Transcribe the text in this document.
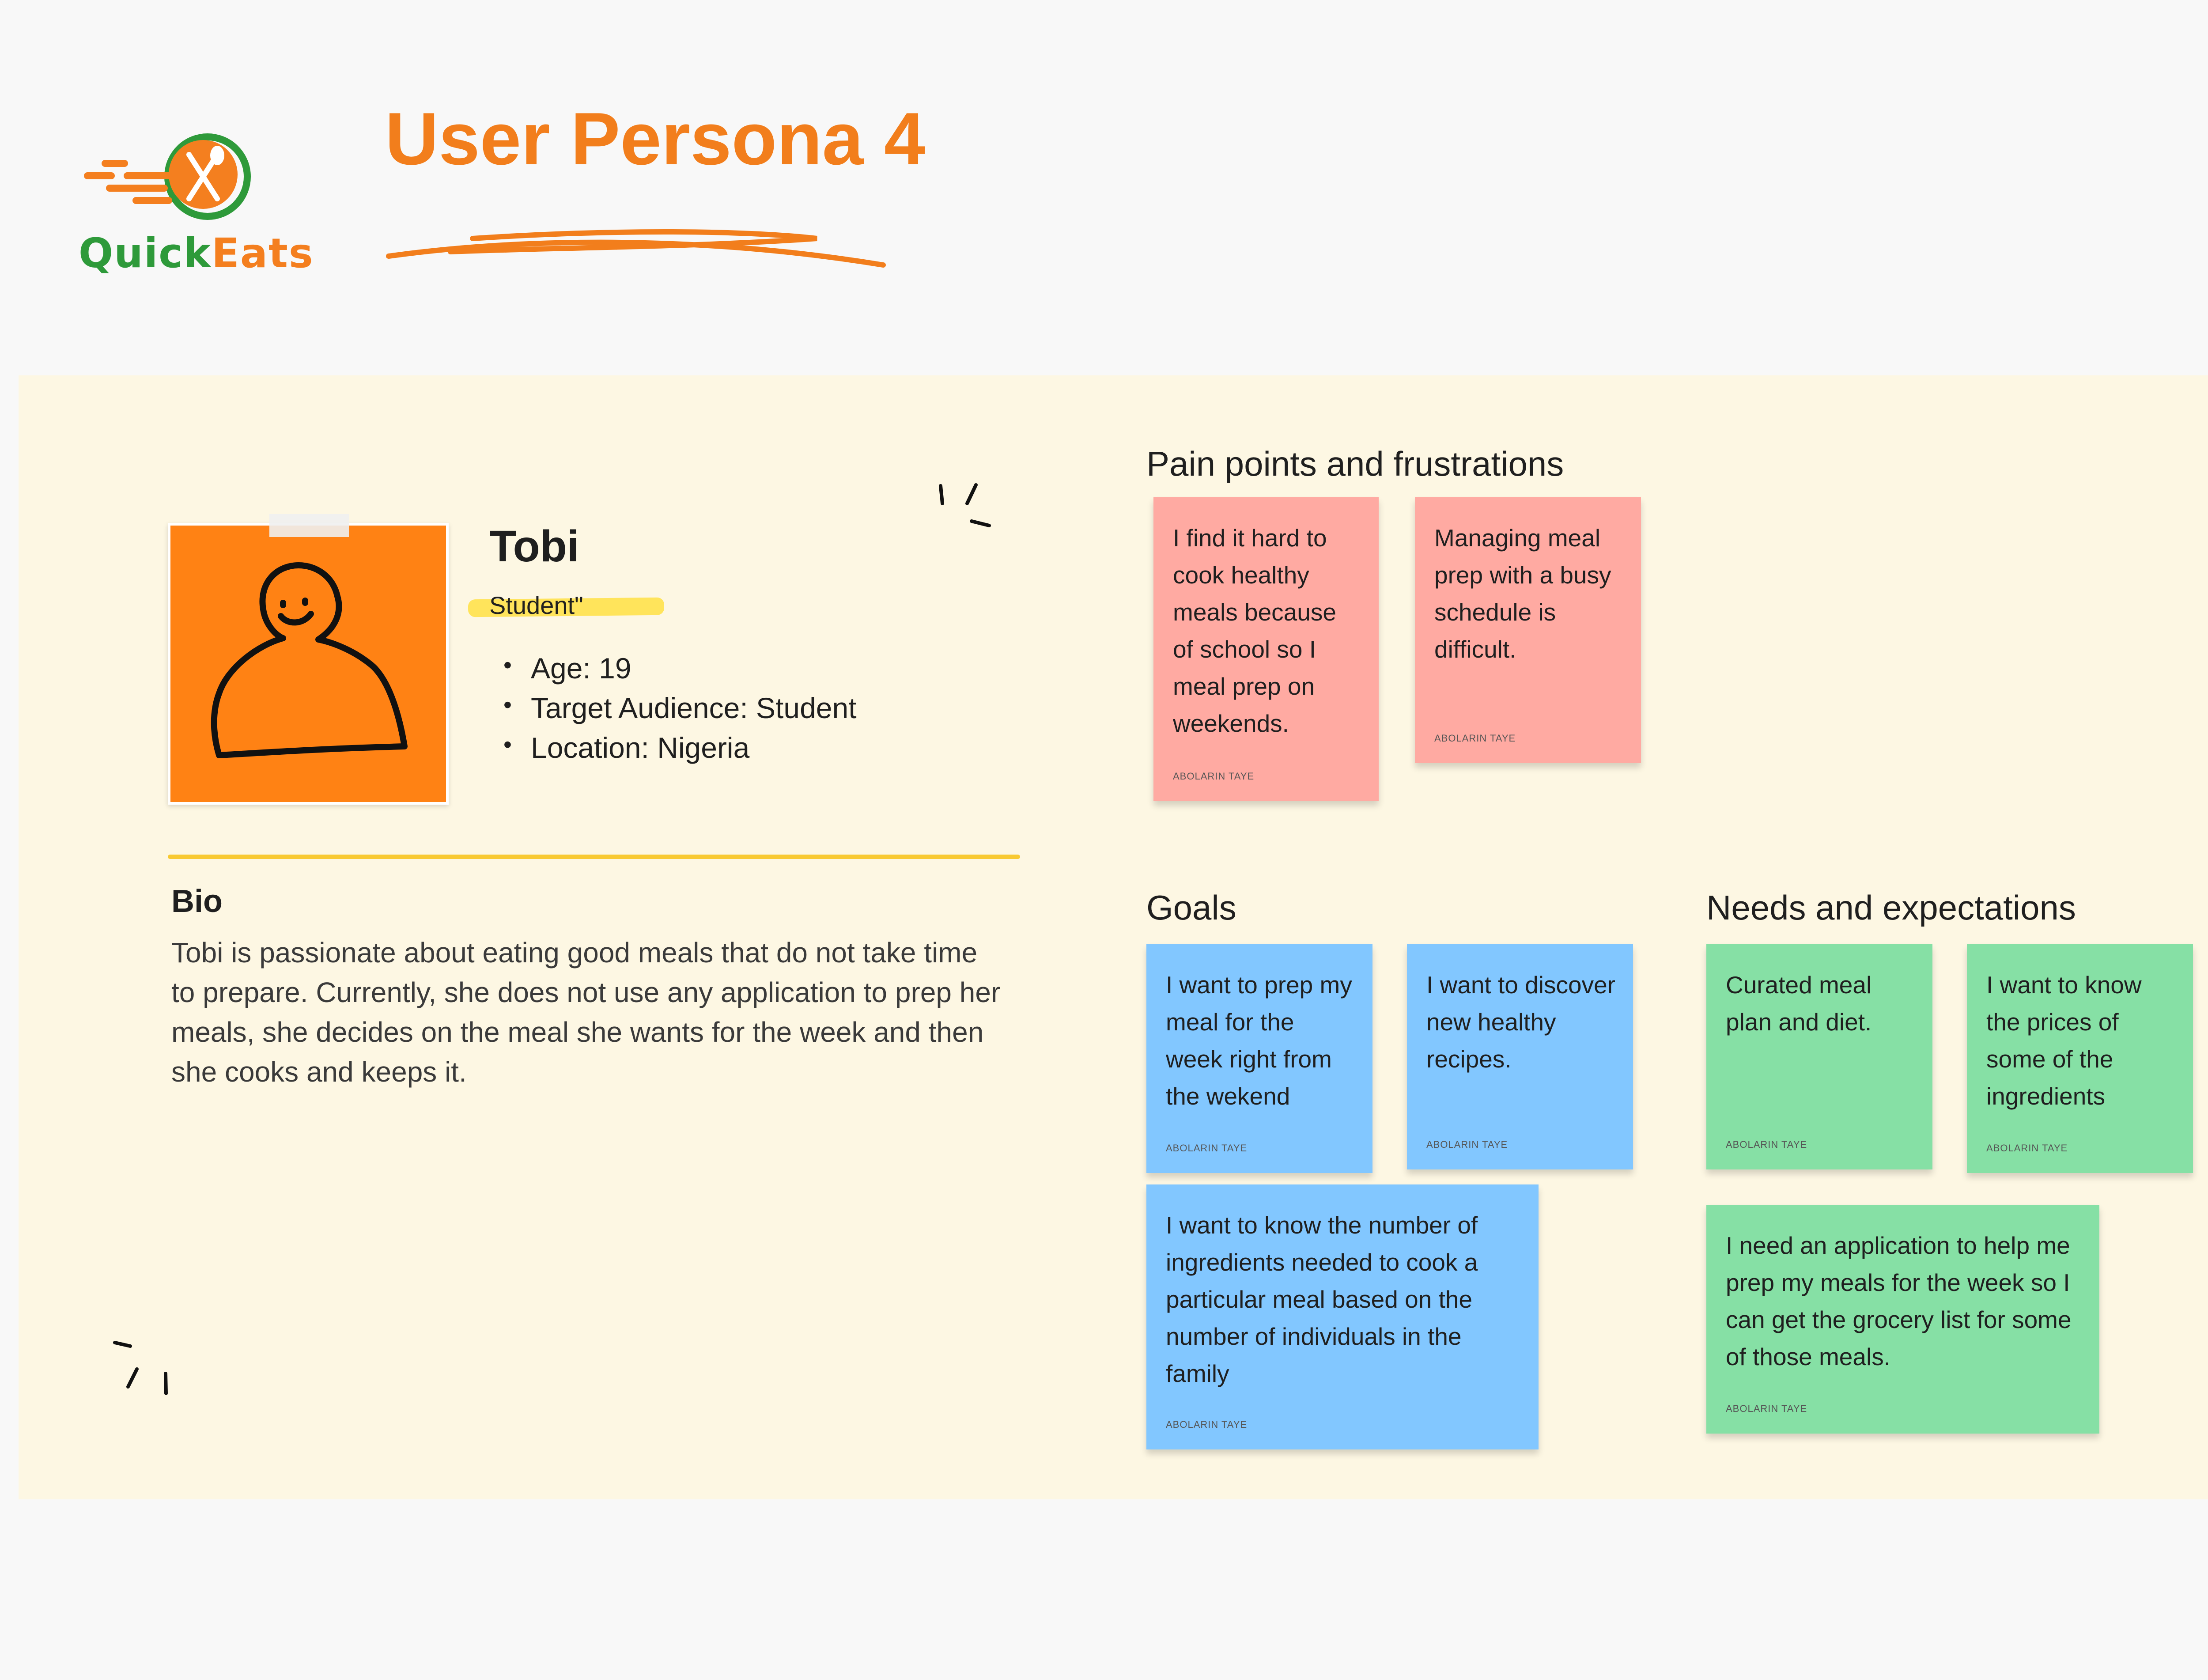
QuickEats
User Persona 4
Tobi
Student"
• Age: 19
• Target Audience: Student
• Location: Nigeria
Bio
Tobi is passionate about eating good meals that do not take time to prepare. Currently, she does not use any application to prep her meals, she decides on the meal she wants for the week and then she cooks and keeps it.
Pain points and frustrations
I find it hard to cook healthy meals because of school so I meal prep on weekends.
ABOLARIN TAYE
Managing meal prep with a busy schedule is difficult.
ABOLARIN TAYE
Goals
I want to prep my meal for the week right from the wekend
ABOLARIN TAYE
I want to discover new healthy recipes.
ABOLARIN TAYE
I want to know the number of ingredients needed to cook a particular meal based on the number of individuals in the family
ABOLARIN TAYE
Needs and expectations
Curated meal plan and diet.
ABOLARIN TAYE
I want to know the prices of some of the ingredients
ABOLARIN TAYE
I need an application to help me prep my meals for the week so I can get the grocery list for some of those meals.
ABOLARIN TAYE
